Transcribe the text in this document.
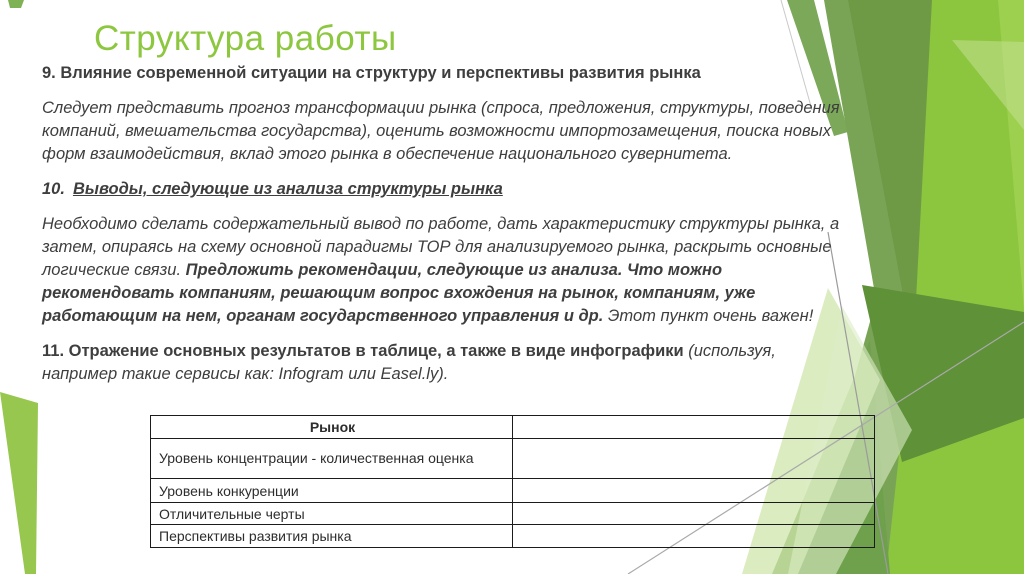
Структура работы

9. Влияние современной ситуации на структуру и перспективы развития рынка

Следует представить прогноз трансформации рынка (спроса, предложения, структуры, поведения компаний, вмешательства государства), оценить возможности импортозамещения, поиска новых форм взаимодействия, вклад этого рынка в обеспечение национального сувернитета.

10. Выводы, следующие из анализа структуры рынка

Необходимо сделать содержательный вывод по работе, дать характеристику структуры рынка, а затем, опираясь на схему основной парадигмы ТОР для анализируемого рынка, раскрыть основные логические связи. Предложить рекомендации, следующие из анализа. Что можно рекомендовать компаниям, решающим вопрос вхождения на рынок, компаниям, уже работающим на нем, органам государственного управления и др. Этот пункт очень важен!

11. Отражение основных результатов в таблице, а также в виде инфографики (используя, например такие сервисы как: Infogram или Easel.ly).

Рынок	
Уровень концентрации - количественная оценка	
Уровень конкуренции	
Отличительные черты	
Перспективы развития рынка	
